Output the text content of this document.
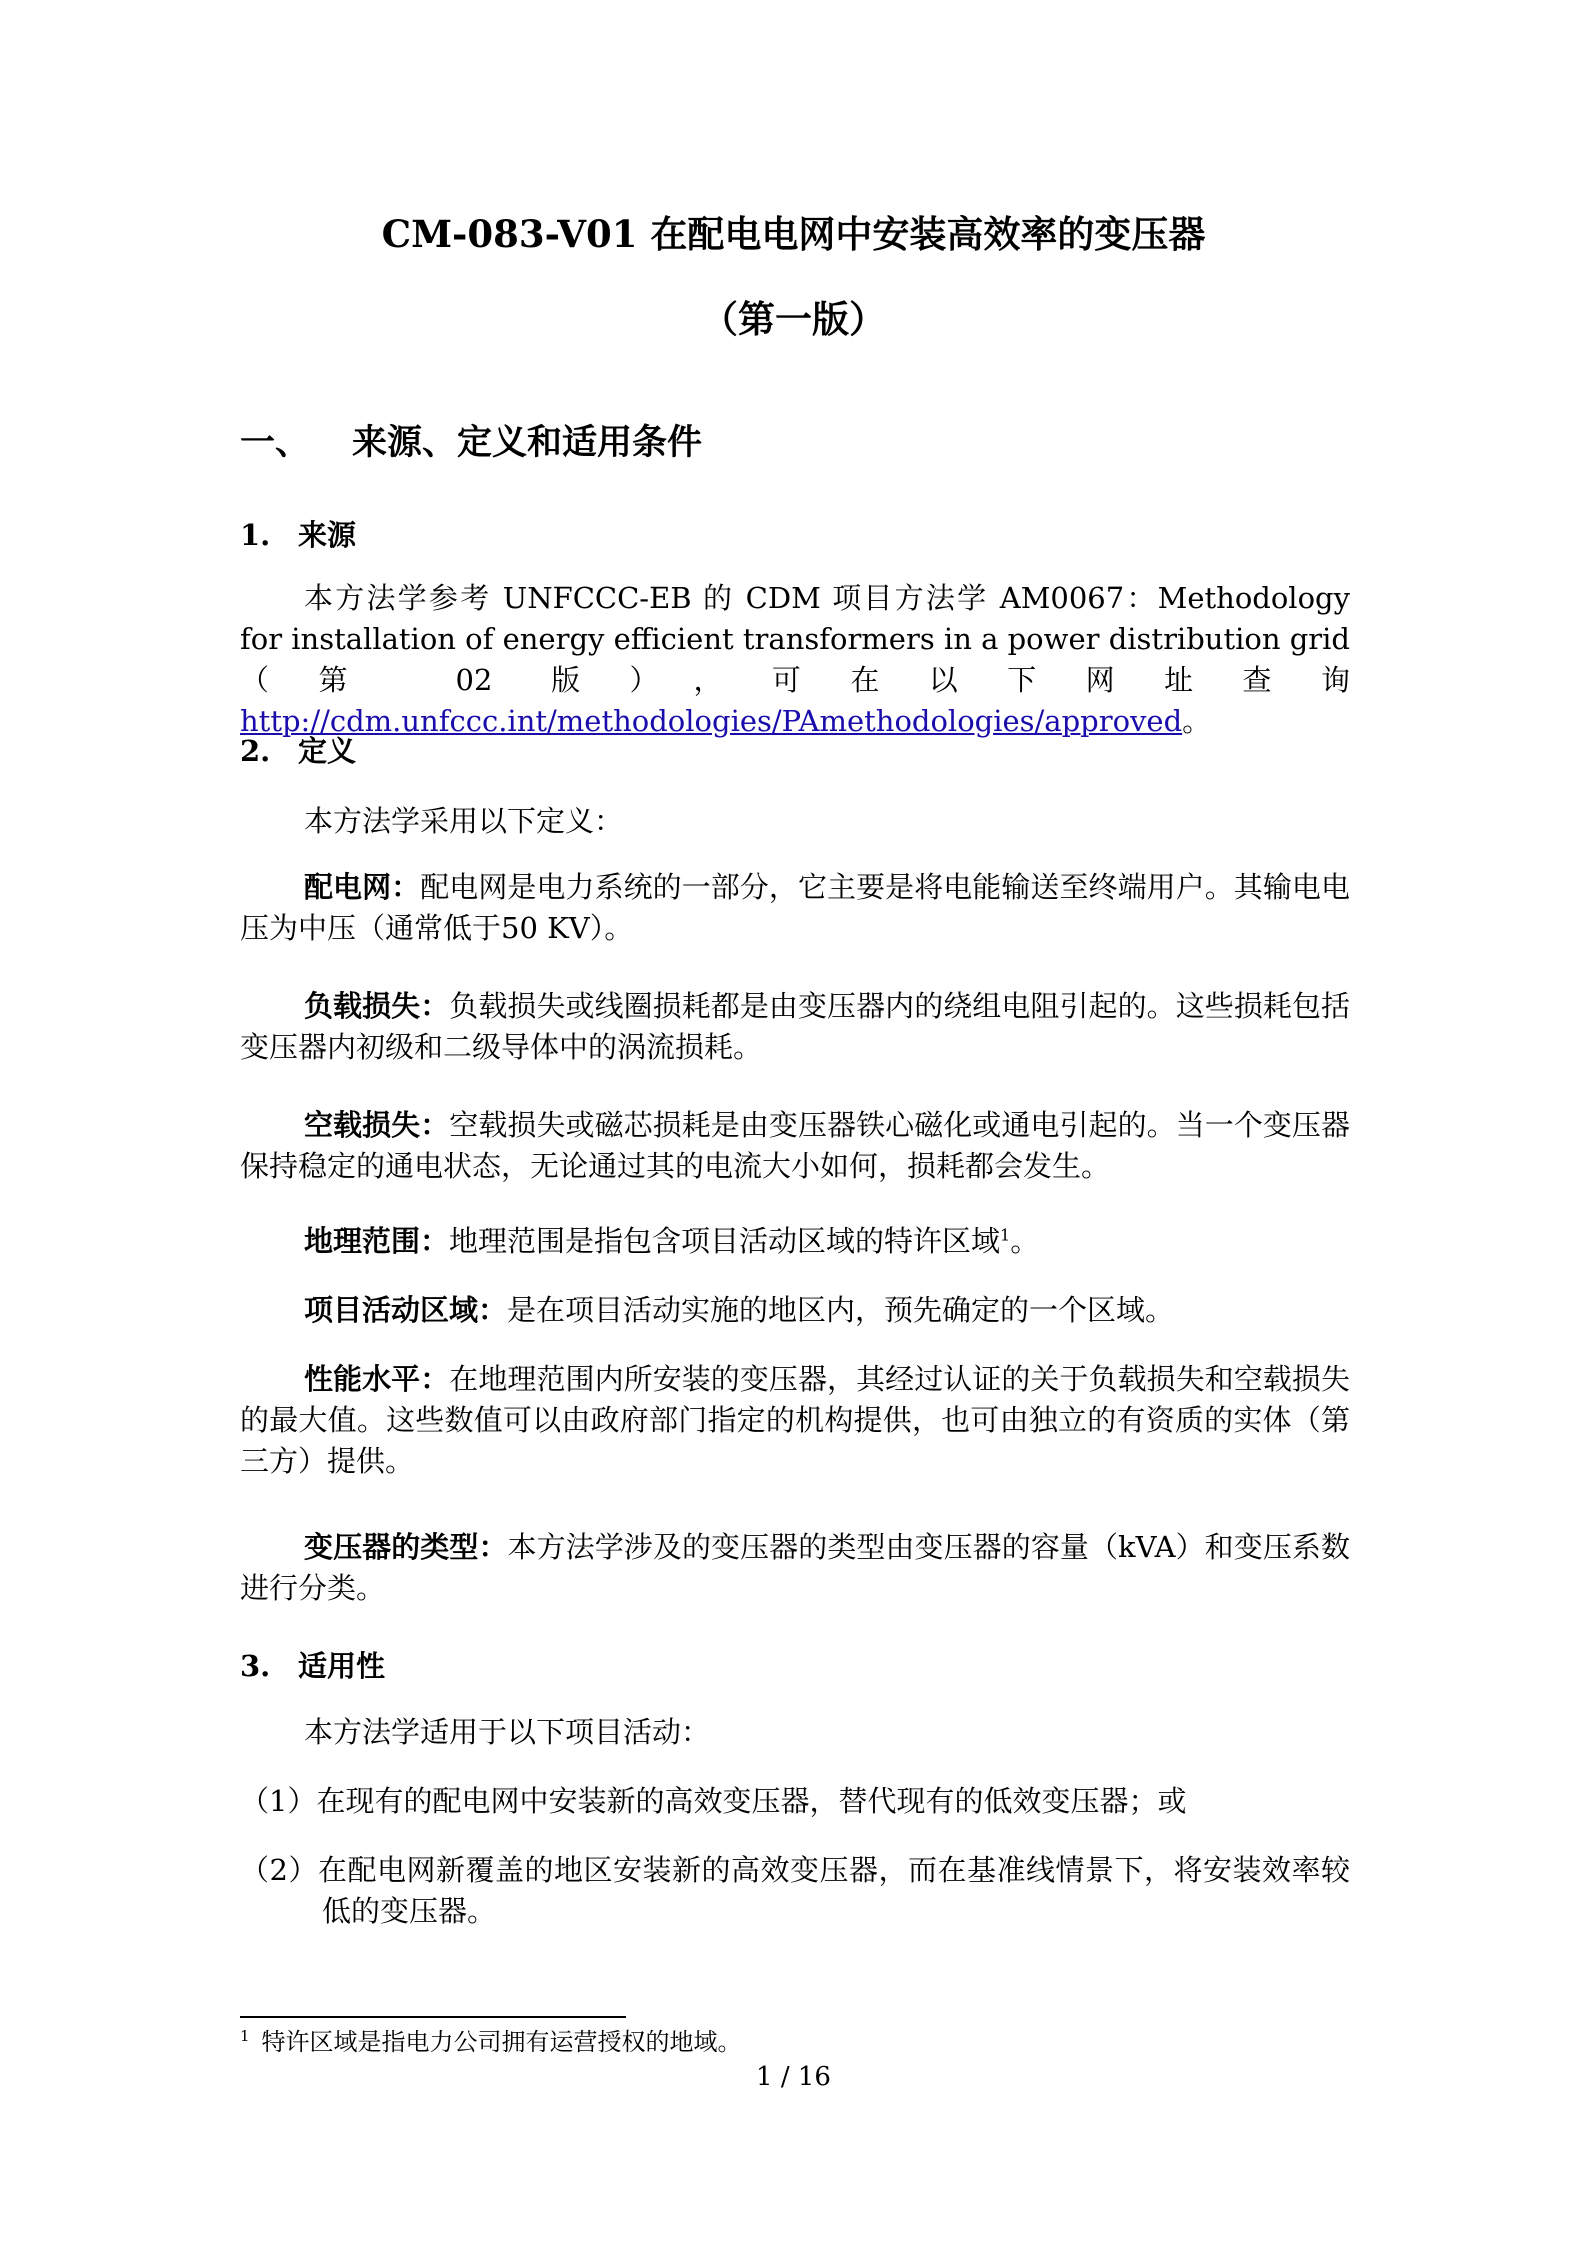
CM-083-V01 在配电电网中安装高效率的变压器
（第一版）
一、 来源、定义和适用条件
1. 来源
本方法学参考 UNFCCC-EB 的 CDM 项目方法学 AM0067：Methodology for installation of energy efficient transformers in a power distribution grid（第 02 版），可在以下网址查询http://cdm.unfccc.int/methodologies/PAmethodologies/approved。
2. 定义
本方法学采用以下定义：
配电网：配电网是电力系统的一部分，它主要是将电能输送至终端用户。其输电电压为中压（通常低于50 KV）。
负载损失：负载损失或线圈损耗都是由变压器内的绕组电阻引起的。这些损耗包括变压器内初级和二级导体中的涡流损耗。
空载损失：空载损失或磁芯损耗是由变压器铁心磁化或通电引起的。当一个变压器保持稳定的通电状态，无论通过其的电流大小如何，损耗都会发生。
地理范围：地理范围是指包含项目活动区域的特许区域$^1$。
项目活动区域：是在项目活动实施的地区内，预先确定的一个区域。
性能水平：在地理范围内所安装的变压器，其经过认证的关于负载损失和空载损失的最大值。这些数值可以由政府部门指定的机构提供，也可由独立的有资质的实体（第三方）提供。
变压器的类型：本方法学涉及的变压器的类型由变压器的容量（kVA）和变压系数进行分类。
3. 适用性
本方法学适用于以下项目活动：
（1）在现有的配电网中安装新的高效变压器，替代现有的低效变压器；或
（2）在配电网新覆盖的地区安装新的高效变压器，而在基准线情景下，将安装效率较低的变压器。
$^1$ 特许区域是指电力公司拥有运营授权的地域。
1 / 16
